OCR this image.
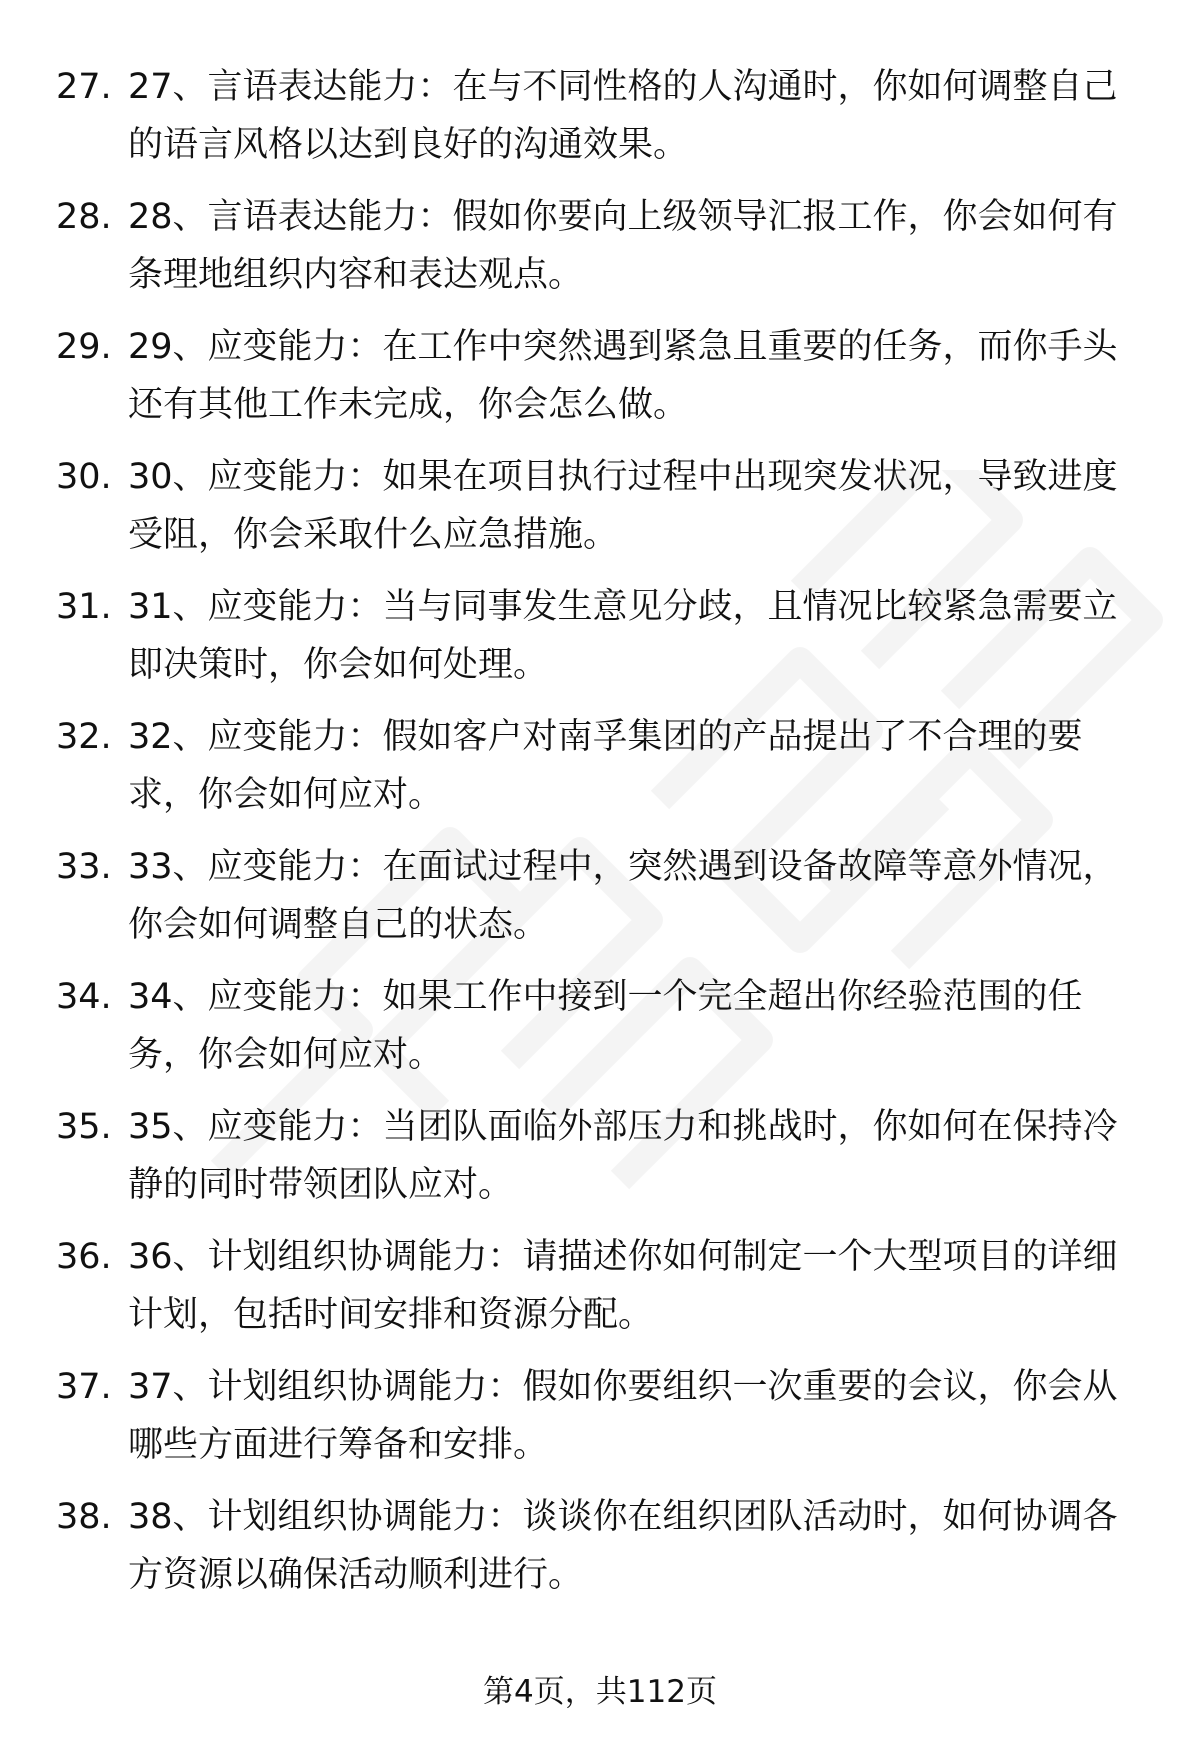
27. 27、言语表达能力：在与不同性格的人沟通时，你如何调整自己的语言风格以达到良好的沟通效果。
28. 28、言语表达能力：假如你要向上级领导汇报工作，你会如何有条理地组织内容和表达观点。
29. 29、应变能力：在工作中突然遇到紧急且重要的任务，而你手头还有其他工作未完成，你会怎么做。
30. 30、应变能力：如果在项目执行过程中出现突发状况，导致进度受阻，你会采取什么应急措施。
31. 31、应变能力：当与同事发生意见分歧，且情况比较紧急需要立即决策时，你会如何处理。
32. 32、应变能力：假如客户对南孚集团的产品提出了不合理的要求，你会如何应对。
33. 33、应变能力：在面试过程中，突然遇到设备故障等意外情况，你会如何调整自己的状态。
34. 34、应变能力：如果工作中接到一个完全超出你经验范围的任务，你会如何应对。
35. 35、应变能力：当团队面临外部压力和挑战时，你如何在保持冷静的同时带领团队应对。
36. 36、计划组织协调能力：请描述你如何制定一个大型项目的详细计划，包括时间安排和资源分配。
37. 37、计划组织协调能力：假如你要组织一次重要的会议，你会从哪些方面进行筹备和安排。
38. 38、计划组织协调能力：谈谈你在组织团队活动时，如何协调各方资源以确保活动顺利进行。
第4页，共112页
